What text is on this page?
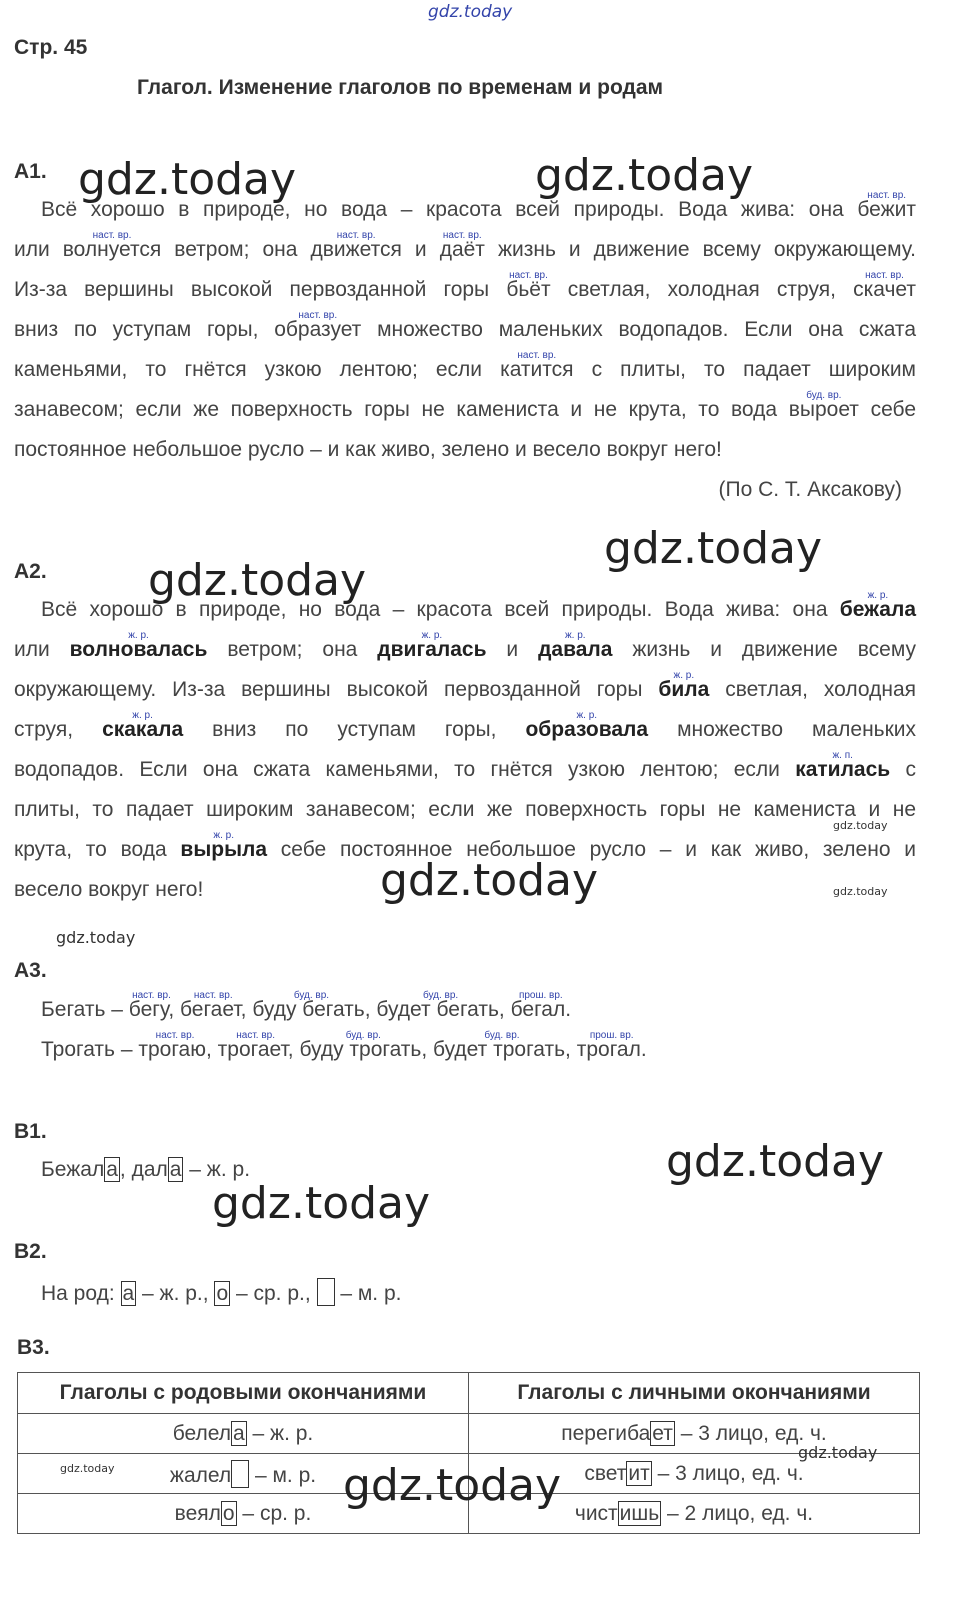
gdz.today
gdz.today	gdz.today
gdz.today
gdz.today
gdz.today
gdz.today
gdz.today
gdz.today
gdz.today
gdz.today
Стр. 45
Глагол. Изменение глаголов по временам и родам
А1.
Всё хорошо в природе, но вода – красота всей природы. Вода жива: она
наст. вр.
бежит
или
наст. вр.
волнуется ветром; она
наст. вр.
движется и
наст. вр.
даёт жизнь и движение всему окружающему.
Из-за вершины высокой первозданной горы
наст. вр.
бьёт светлая, холодная струя,
наст. вр.
скачет
вниз по уступам горы,
наст. вр.
образует множество маленьких водопадов. Если она сжата
каменьями, то гнётся узкою лентою; если
наст. вр.
катится с плиты, то падает широким
занавесом; если же поверхность горы не камениста и не крута, то вода
буд. вр.
выроет себе
постоянное небольшое русло – и как живо, зелено и весело вокруг него!
(По С. Т. Аксакову)
А2.
Всё хорошо в природе, но вода – красота всей природы. Вода жива: она
ж. р.
бежала
или
ж. р.
волновалась ветром; она
ж. р.
двигалась и
ж. р.
давала жизнь и движение всему
окружающему. Из-за вершины высокой первозданной горы
ж. р.
била светлая, холодная
струя,
ж. р.
скакала вниз по уступам горы,
ж. р.
образовала множество маленьких
водопадов. Если она сжата каменьями, то гнётся узкою лентою; если
ж. п.
катилась с
плиты, то падает широким занавесом; если же поверхность горы не камениста и не
крута, то вода
ж. р.
вырыла себе постоянное небольшое русло – и как живо, зелено и
весело вокруг него!
А3.
Бегать –
наст. вр.
бегу,
наст. вр.
бегает,
буд. вр.
буду бегать,
буд. вр.
будет бегать,
прош. вр.
бегал.
Трогать –
наст. вр.
трогаю,
наст. вр.
трогает,
буд. вр.
буду трогать,
буд. вр.
будет трогать,
прош. вр.
трогал.
В1.
Бежала, дала – ж. р.
В2.
На род: а – ж. р., о – ср. р.,  – м. р.
В3.
Глаголы с родовыми окончаниями	Глаголы с личными окончаниями
белела – ж. р.	перегибает – 3 лицо, ед. ч.
жалел – м. р.	светит – 3 лицо, ед. ч.
веяло – ср. р.	чистишь – 2 лицо, ед. ч.
gdz.today
gdz.today
gdz.today
